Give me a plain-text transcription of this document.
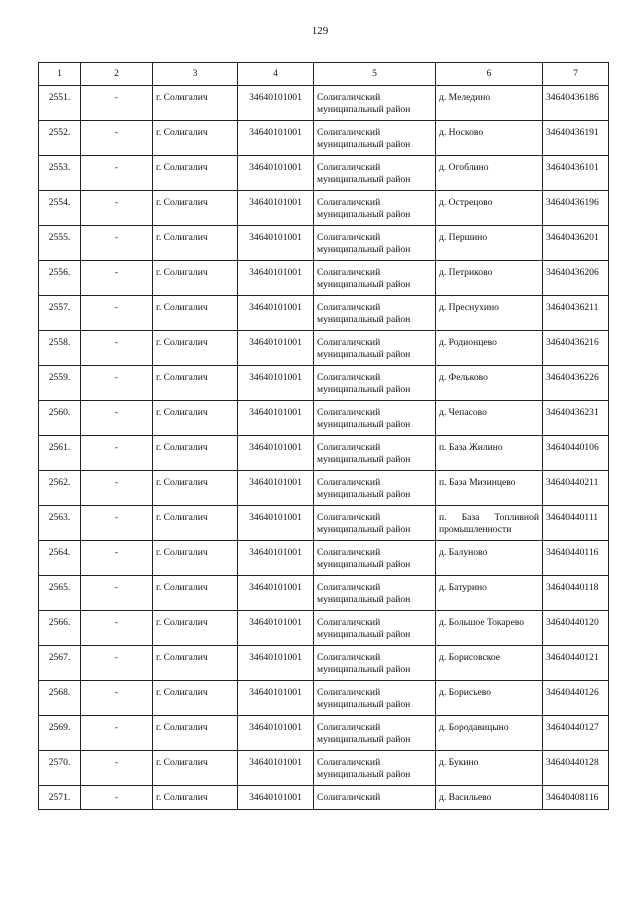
129
1	2	3	4	5	6	7
2551.	-	г. Солигалич	34640101001	Солигаличский муниципальный район	д. Меледино	34640436186
2552.	-	г. Солигалич	34640101001	Солигаличский муниципальный район	д. Носково	34640436191
2553.	-	г. Солигалич	34640101001	Солигаличский муниципальный район	д. Огоблино	34640436101
2554.	-	г. Солигалич	34640101001	Солигаличский муниципальный район	д. Острецово	34640436196
2555.	-	г. Солигалич	34640101001	Солигаличский муниципальный район	д. Першино	34640436201
2556.	-	г. Солигалич	34640101001	Солигаличский муниципальный район	д. Петриково	34640436206
2557.	-	г. Солигалич	34640101001	Солигаличский муниципальный район	д. Преснухино	34640436211
2558.	-	г. Солигалич	34640101001	Солигаличский муниципальный район	д. Родионцево	34640436216
2559.	-	г. Солигалич	34640101001	Солигаличский муниципальный район	д. Фельково	34640436226
2560.	-	г. Солигалич	34640101001	Солигаличский муниципальный район	д. Чепасово	34640436231
2561.	-	г. Солигалич	34640101001	Солигаличский муниципальный район	п. База Жилино	34640440106
2562.	-	г. Солигалич	34640101001	Солигаличский муниципальный район	п. База Мизинцево	34640440211
2563.	-	г. Солигалич	34640101001	Солигаличский муниципальный район	п. База Топливной промышленности	34640440111
2564.	-	г. Солигалич	34640101001	Солигаличский муниципальный район	д. Балуново	34640440116
2565.	-	г. Солигалич	34640101001	Солигаличский муниципальный район	д. Батурино	34640440118
2566.	-	г. Солигалич	34640101001	Солигаличский муниципальный район	д. Большое Токарево	34640440120
2567.	-	г. Солигалич	34640101001	Солигаличский муниципальный район	д. Борисовское	34640440121
2568.	-	г. Солигалич	34640101001	Солигаличский муниципальный район	д. Борисьево	34640440126
2569.	-	г. Солигалич	34640101001	Солигаличский муниципальный район	д. Бородавицыно	34640440127
2570.	-	г. Солигалич	34640101001	Солигаличский муниципальный район	д. Букино	34640440128
2571.	-	г. Солигалич	34640101001	Солигаличский	д. Васильево	34640408116
